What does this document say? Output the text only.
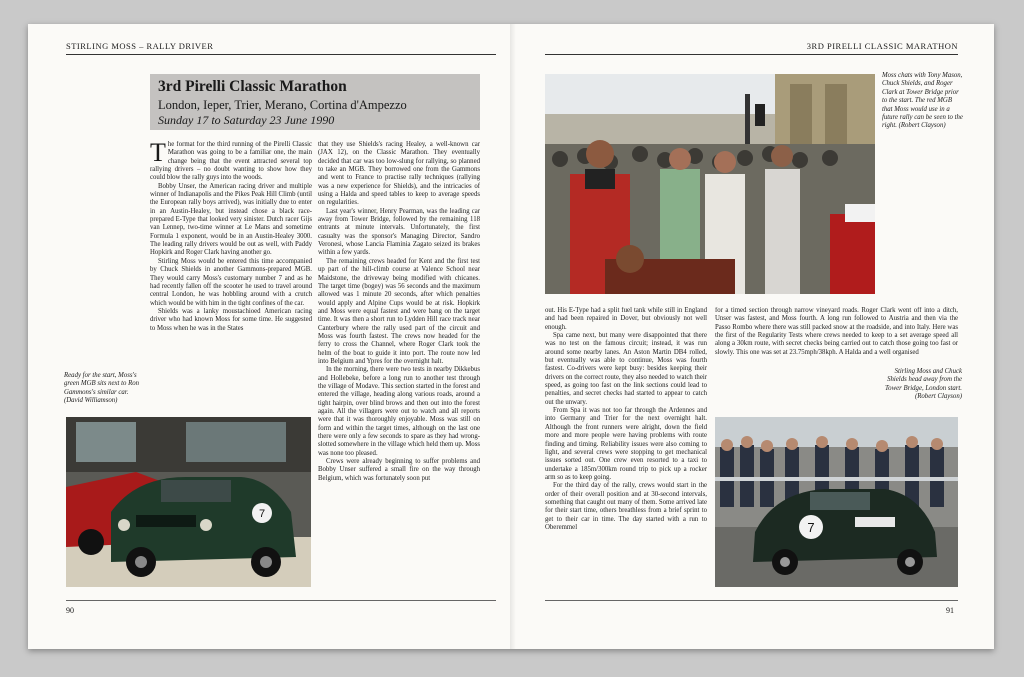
STIRLING MOSS – RALLY DRIVER	3RD PIRELLI CLASSIC MARATHON
3rd Pirelli Classic Marathon
London, Ieper, Trier, Merano, Cortina d'Ampezzo
Sunday 17 to Saturday 23 June 1990

The format for the third running of the Pirelli Classic Marathon was going to be a familiar one, the main change being that the event attracted several top rallying drivers – no doubt wanting to show how they could blow the rally guys into the woods.

Bobby Unser, the American racing driver and multiple winner of Indianapolis and the Pikes Peak Hill Climb (until the European rally boys arrived), was initially due to enter in an Austin-Healey, but instead chose a black race-prepared E-Type that looked very sinister. Dutch racer Gijs van Lennep, two-time winner at Le Mans and sometime Formula 1 exponent, would be in an Austin-Healey 3000. The leading rally drivers would be out as well, with Paddy Hopkirk and Roger Clark having another go.

Stirling Moss would be entered this time accompanied by Chuck Shields in another Gammons-prepared MGB. They would carry Moss's customary number 7 and as he had recently fallen off the scooter he used to travel around central London, he was hobbling around with a crutch which would be with him in the tight confines of the car.

Shields was a lanky moustachioed American racing driver who had known Moss for some time. He suggested to Moss when he was in the States

that they use Shields's racing Healey, a well-known car (JAX 12), on the Classic Marathon. They eventually decided that car was too low-slung for rallying, so planned to take an MGB. They borrowed one from the Gammons and went to France to practise rally techniques (rallying was a new experience for Shields), and the intricacies of using a Halda and speed tables to keep to average speeds on regularities.

Last year's winner, Henry Pearman, was the leading car away from Tower Bridge, followed by the remaining 118 entrants at minute intervals. Unfortunately, the first casualty was the sponsor's Managing Director, Sandro Veronesi, whose Lancia Flaminia Zagato seized its brakes within a few yards.

The remaining crews headed for Kent and the first test up part of the hill-climb course at Valence School near Maidstone, the driveway being modified with chicanes. The target time (bogey) was 56 seconds and the maximum allowed was 1 minute 20 seconds, after which penalties would apply and Alpine Cups would be at risk. Hopkirk and Moss were equal fastest and were bang on the target time. It was then a short run to Lydden Hill race track near Canterbury where the rally used part of the circuit and Moss was fourth fastest. The crews now headed for the ferry to cross the Channel, where Roger Clark took the helm of the boat to guide it into port. The route now led into Belgium and Ypres for the overnight halt.

In the morning, there were two tests in nearby Dikkebus and Hollebeke, before a long run to another test through the village of Modave. This section started in the forest and entered the village, heading along various roads, around a tight hairpin, over blind brows and then out into the forest again. All the villagers were out to watch and all reports were that it was thoroughly enjoyable. Moss was still on form and within the target times, although on the last one there were only a few seconds to spare as they had wrong-slotted somewhere in the village which held them up. Moss was none too pleased.

Crews were already beginning to suffer problems and Bobby Unser suffered a small fire on the way through Belgium, which was fortunately soon put

out. His E-Type had a split fuel tank while still in England and had been repaired in Dover, but obviously not well enough.

Spa came next, but many were disappointed that there was no test on the famous circuit; instead, it was run around some nearby lanes. An Aston Martin DB4 rolled, but eventually was able to continue, Moss was fourth fastest. Co-drivers were kept busy: besides keeping their drivers on the correct route, they also needed to watch their speed, as going too fast on the link sections could lead to penalties, and secret checks had started to appear to catch out the unwary.

From Spa it was not too far through the Ardennes and into Germany and Trier for the next overnight halt. Although the front runners were alright, down the field more and more people were having problems with route finding and timing. Reliability issues were also coming to light, and several crews were stopping to get mechanical issues sorted out. One crew even resorted to a taxi to undertake a 185m/300km round trip to pick up a rocker arm so as to keep going.

For the third day of the rally, crews would start in the order of their overall position and at 30-second intervals, something that caught out many of them. Some arrived late for their start time, others breathless from a brief sprint to get to their car in time. The day started with a run to Oberemmel

for a timed section through narrow vineyard roads. Roger Clark went off into a ditch, Unser was fastest, and Moss fourth. A long run followed to Austria and then via the Passo Rombo where there was still packed snow at the roadside, and into Italy. Here was the first of the Regularity Tests where crews needed to keep to a set average speed all along a 30km route, with secret checks being carried out to catch those going too fast or slowly. This one was set at 23.75mph/38kph. A Halda and a well organised

Moss chats with Tony Mason, Chuck Shields, and Roger Clark at Tower Bridge prior to the start. The red MGB that Moss would use in a future rally can be seen to the right. (Robert Clayson)
Ready for the start, Moss's green MGB sits next to Ron Gammons's similar car. (David Williamson)
Stirling Moss and Chuck Shields head away from the Tower Bridge, London start. (Robert Clayson)
7
7
90	91
